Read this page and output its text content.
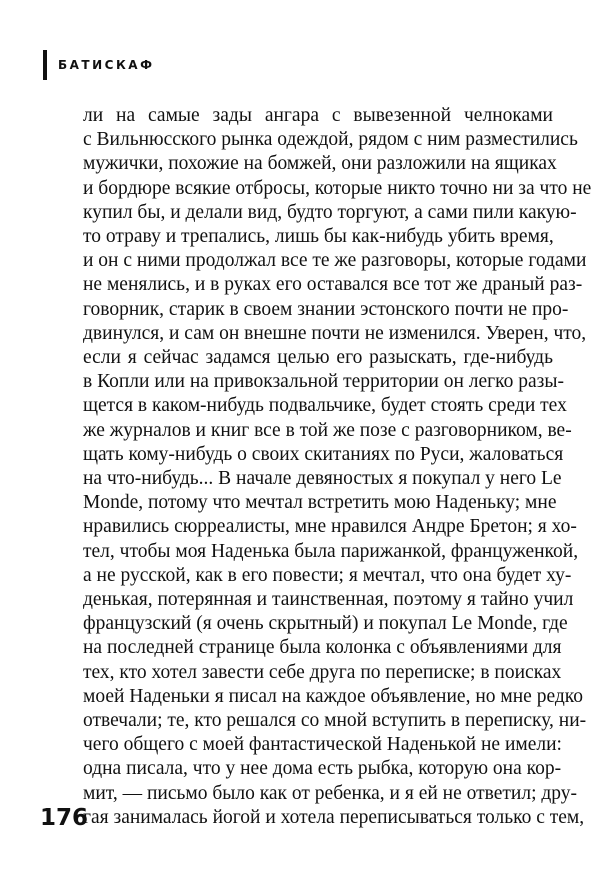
БАТИСКАФ
ли на самые зады ангара с вывезенной челноками
с Вильнюсского рынка одеждой, рядом с ним разместились
мужички, похожие на бомжей, они разложили на ящиках
и бордюре всякие отбросы, которые никто точно ни за что не
купил бы, и делали вид, будто торгуют, а сами пили какую-
то отраву и трепались, лишь бы как-нибудь убить время,
и он с ними продолжал все те же разговоры, которые годами
не менялись, и в руках его оставался все тот же драный раз-
говорник, старик в своем знании эстонского почти не про-
двинулся, и сам он внешне почти не изменился. Уверен, что,
если я сейчас задамся целью его разыскать, где-нибудь
в Копли или на привокзальной территории он легко разы-
щется в каком-нибудь подвальчике, будет стоять среди тех
же журналов и книг все в той же позе с разговорником, ве-
щать кому-нибудь о своих скитаниях по Руси, жаловаться
на что-нибудь... В начале девяностых я покупал у него Le
Monde, потому что мечтал встретить мою Наденьку; мне
нравились сюрреалисты, мне нравился Андре Бретон; я хо-
тел, чтобы моя Наденька была парижанкой, француженкой,
а не русской, как в его повести; я мечтал, что она будет ху-
денькая, потерянная и таинственная, поэтому я тайно учил
французский (я очень скрытный) и покупал Le Monde, где
на последней странице была колонка с объявлениями для
тех, кто хотел завести себе друга по переписке; в поисках
моей Наденьки я писал на каждое объявление, но мне редко
отвечали; те, кто решался со мной вступить в переписку, ни-
чего общего с моей фантастической Наденькой не имели:
одна писала, что у нее дома есть рыбка, которую она кор-
мит, — письмо было как от ребенка, и я ей не ответил; дру-
гая занималась йогой и хотела переписываться только с тем,
176
